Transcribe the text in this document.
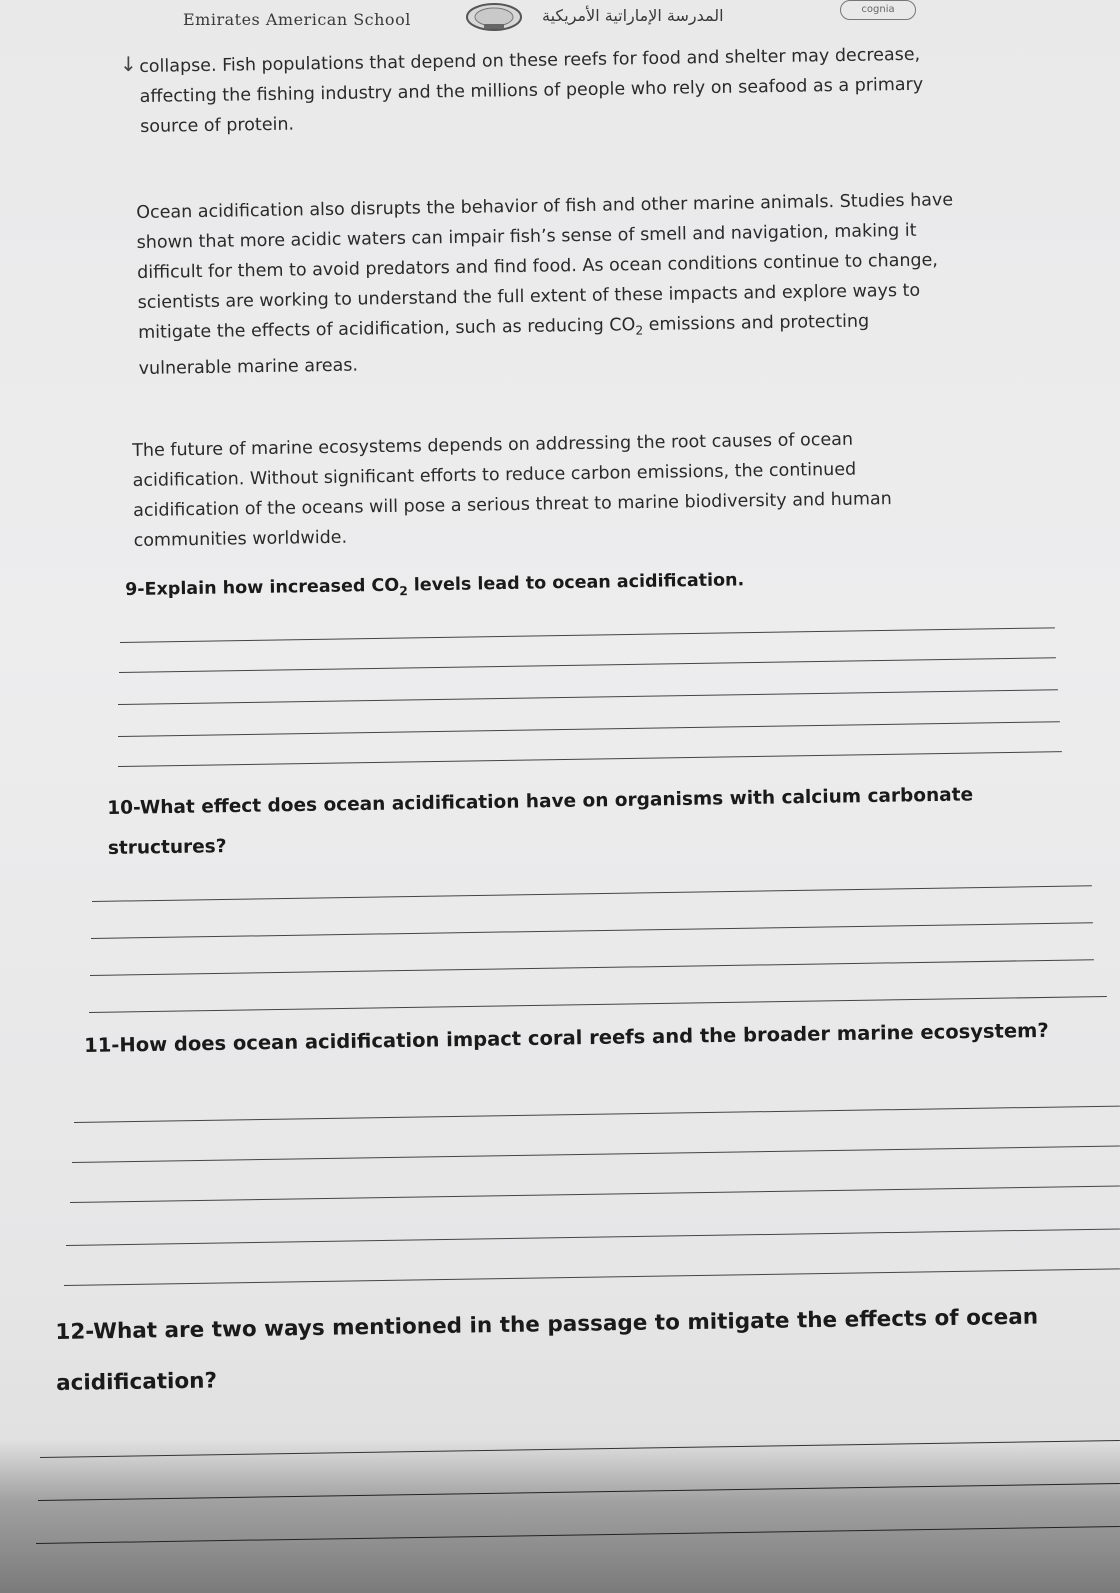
Emirates American School	المدرسة الإماراتية الأمريكية	cognia
↓ collapse. Fish populations that depend on these reefs for food and shelter may decrease,

affecting the fishing industry and the millions of people who rely on seafood as a primary

source of protein.

Ocean acidification also disrupts the behavior of fish and other marine animals. Studies have

shown that more acidic waters can impair fish’s sense of smell and navigation, making it

difficult for them to avoid predators and find food. As ocean conditions continue to change,

scientists are working to understand the full extent of these impacts and explore ways to

mitigate the effects of acidification, such as reducing $CO_2$ emissions and protecting

vulnerable marine areas.

The future of marine ecosystems depends on addressing the root causes of ocean

acidification. Without significant efforts to reduce carbon emissions, the continued

acidification of the oceans will pose a serious threat to marine biodiversity and human

communities worldwide.

9-Explain how increased $CO_2$ levels lead to ocean acidification.

10-What effect does ocean acidification have on organisms with calcium carbonate

structures?

11-How does ocean acidification impact coral reefs and the broader marine ecosystem?

12-What are two ways mentioned in the passage to mitigate the effects of ocean

acidification?
